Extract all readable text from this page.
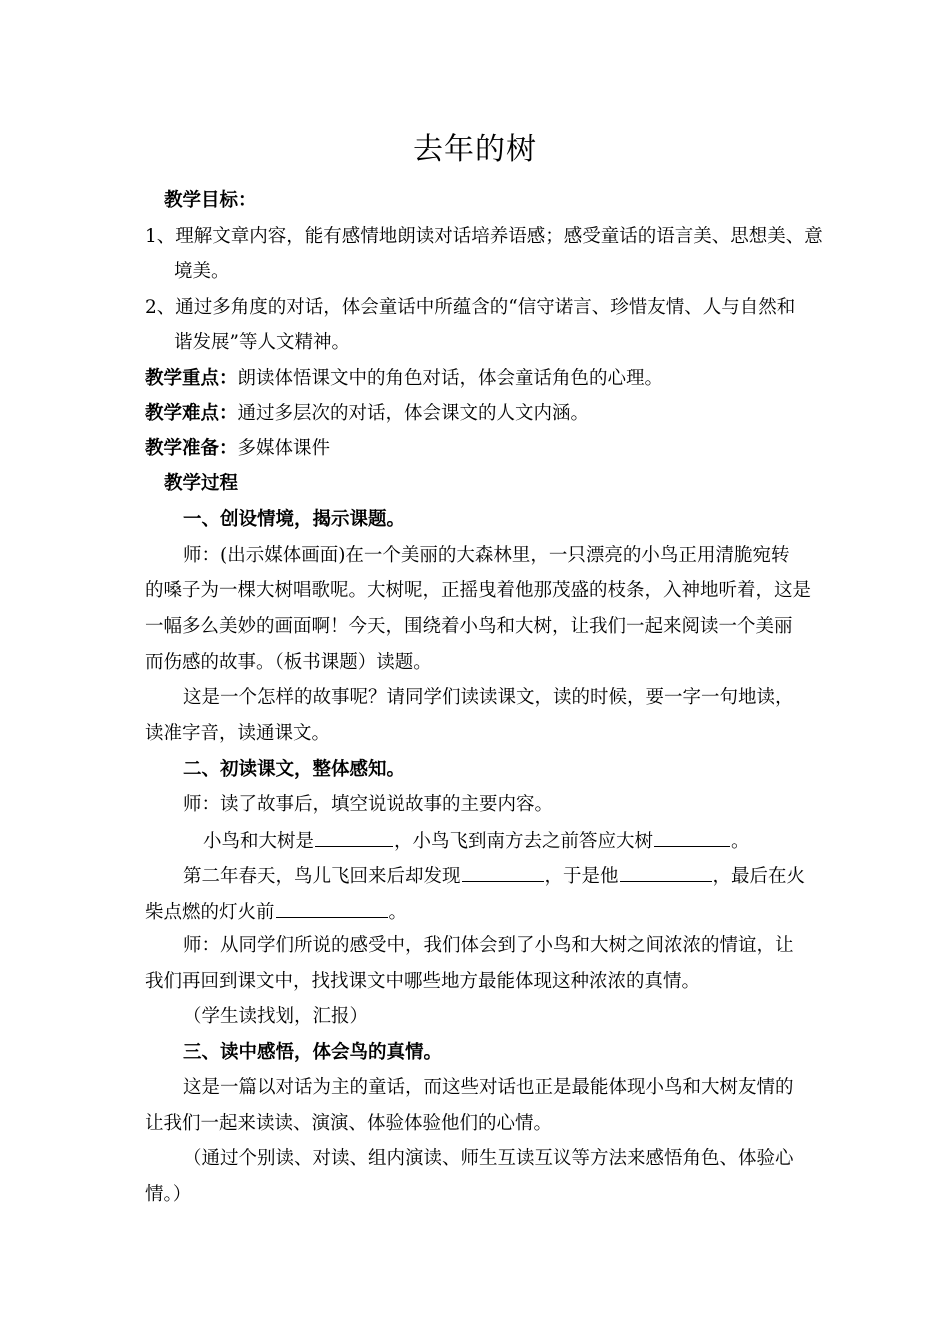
去年的树
教学目标：
1、理解文章内容，能有感情地朗读对话培养语感；感受童话的语言美、思想美、意
境美。
2、通过多角度的对话，体会童话中所蕴含的“信守诺言、珍惜友情、人与自然和
谐发展”等人文精神。
教学重点：朗读体悟课文中的角色对话，体会童话角色的心理。
教学难点：通过多层次的对话，体会课文的人文内涵。
教学准备：多媒体课件
教学过程
一、创设情境，揭示课题。
师：(出示媒体画面)在一个美丽的大森林里，一只漂亮的小鸟正用清脆宛转
的嗓子为一棵大树唱歌呢。大树呢，正摇曳着他那茂盛的枝条，入神地听着，这是
一幅多么美妙的画面啊！今天，围绕着小鸟和大树，让我们一起来阅读一个美丽
而伤感的故事。（板书课题）读题。
这是一个怎样的故事呢？请同学们读读课文，读的时候，要一字一句地读，
读准字音，读通课文。
二、初读课文，整体感知。
师：读了故事后，填空说说故事的主要内容。
小鸟和大树是	，小鸟飞到南方去之前答应大树	。
第二年春天，鸟儿飞回来后却发现	，于是他	，最后在火
柴点燃的灯火前	。
师：从同学们所说的感受中，我们体会到了小鸟和大树之间浓浓的情谊，让
我们再回到课文中，找找课文中哪些地方最能体现这种浓浓的真情。
（学生读找划，汇报）
三、读中感悟，体会鸟的真情。
这是一篇以对话为主的童话，而这些对话也正是最能体现小鸟和大树友情的
让我们一起来读读、演演、体验体验他们的心情。
（通过个别读、对读、组内演读、师生互读互议等方法来感悟角色、体验心
情。）
